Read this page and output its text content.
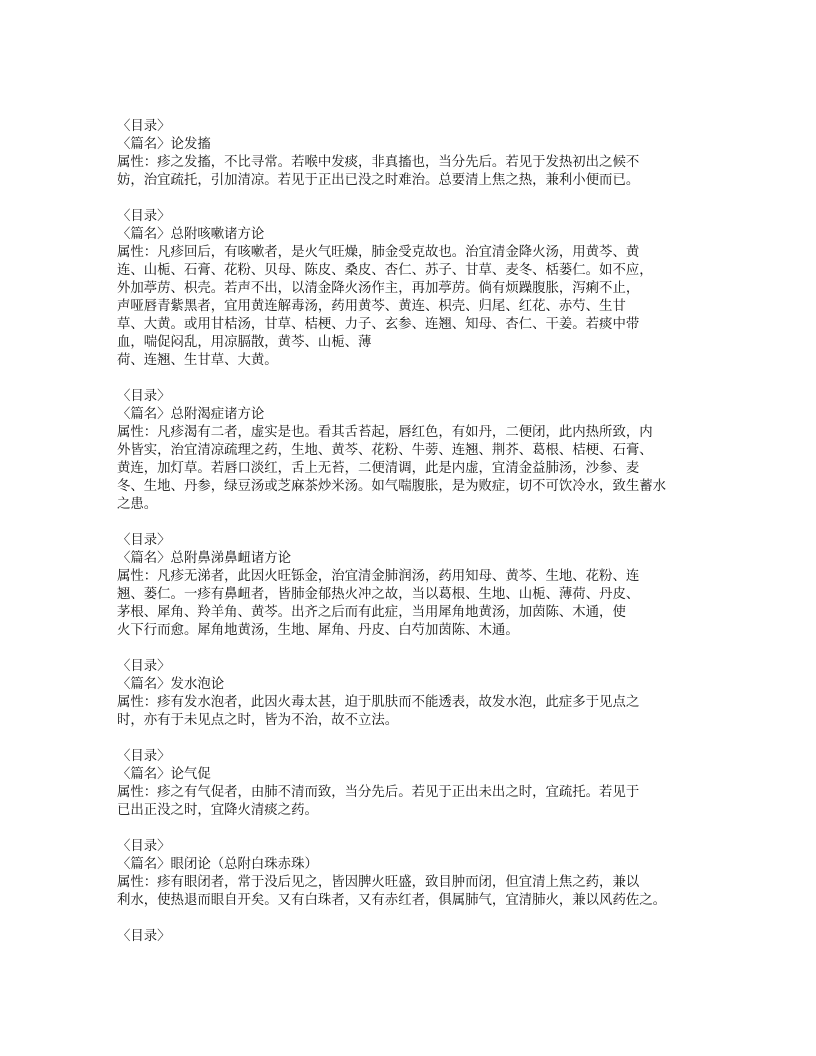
〈目录〉
〈篇名〉论发搐
属性：疹之发搐，不比寻常。若喉中发痰，非真搐也，当分先后。若见于发热初出之候不
妨，治宜疏托，引加清凉。若见于正出已没之时难治。总要清上焦之热，兼利小便而已。
〈目录〉
〈篇名〉总附咳嗽诸方论
属性：凡疹回后，有咳嗽者，是火气旺燥，肺金受克故也。治宜清金降火汤，用黄芩、黄
连、山栀、石膏、花粉、贝母、陈皮、桑皮、杏仁、苏子、甘草、麦冬、栝蒌仁。如不应，
外加葶苈、枳壳。若声不出，以清金降火汤作主，再加葶苈。倘有烦躁腹胀，泻痢不止，
声哑唇青紫黑者，宜用黄连解毒汤，药用黄芩、黄连、枳壳、归尾、红花、赤芍、生甘
草、大黄。或用甘桔汤，甘草、桔梗、力子、玄参、连翘、知母、杏仁、干姜。若痰中带
血，喘促闷乱，用凉膈散，黄芩、山栀、薄
荷、连翘、生甘草、大黄。
〈目录〉
〈篇名〉总附渴症诸方论
属性：凡疹渴有二者，虚实是也。看其舌苔起，唇红色，有如丹，二便闭，此内热所致，内
外皆实，治宜清凉疏理之药，生地、黄芩、花粉、牛蒡、连翘、荆芥、葛根、桔梗、石膏、
黄连，加灯草。若唇口淡红，舌上无苔，二便清调，此是内虚，宜清金益肺汤，沙参、麦
冬、生地、丹参，绿豆汤或芝麻茶炒米汤。如气喘腹胀，是为败症，切不可饮冷水，致生蓄水
之患。
〈目录〉
〈篇名〉总附鼻涕鼻衄诸方论
属性：凡疹无涕者，此因火旺铄金，治宜清金肺润汤，药用知母、黄芩、生地、花粉、连
翘、蒌仁。一疹有鼻衄者，皆肺金郁热火冲之故，当以葛根、生地、山栀、薄荷、丹皮、
茅根、犀角、羚羊角、黄芩。出齐之后而有此症，当用犀角地黄汤，加茵陈、木通，使
火下行而愈。犀角地黄汤，生地、犀角、丹皮、白芍加茵陈、木通。
〈目录〉
〈篇名〉发水泡论
属性：疹有发水泡者，此因火毒太甚，迫于肌肤而不能透表，故发水泡，此症多于见点之
时，亦有于未见点之时，皆为不治，故不立法。
〈目录〉
〈篇名〉论气促
属性：疹之有气促者，由肺不清而致，当分先后。若见于正出未出之时，宜疏托。若见于
已出正没之时，宜降火清痰之药。
〈目录〉
〈篇名〉眼闭论（总附白珠赤珠）
属性：疹有眼闭者，常于没后见之，皆因脾火旺盛，致目肿而闭，但宜清上焦之药，兼以
利水，使热退而眼自开矣。又有白珠者，又有赤红者，俱属肺气，宜清肺火，兼以风药佐之。
〈目录〉
